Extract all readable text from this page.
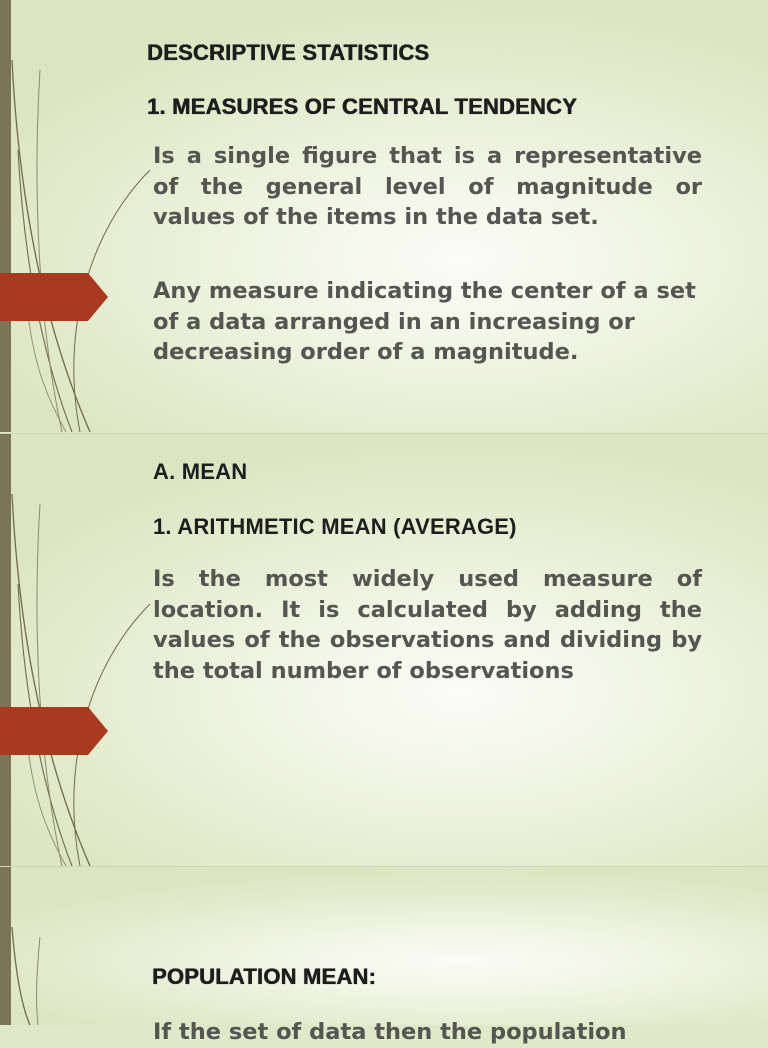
DESCRIPTIVE STATISTICS
1. MEASURES OF CENTRAL TENDENCY

Is a single figure that is a representative of the general level of magnitude or values of the items in the data set.

Any measure indicating the center of a set of a data arranged in an increasing or decreasing order of a magnitude.

A. MEAN
1. ARITHMETIC MEAN (AVERAGE)

Is the most widely used measure of location. It is calculated by adding the values of the observations and dividing by the total number of observations

POPULATION MEAN:

If the set of data then the population
